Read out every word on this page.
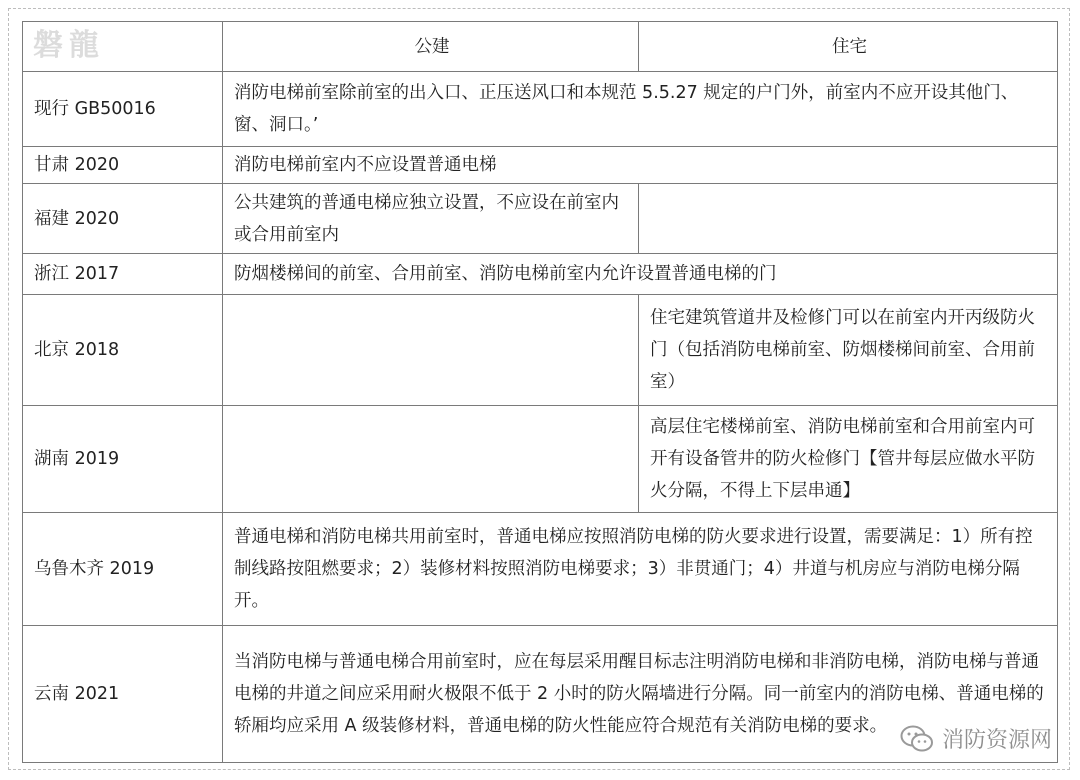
磐龍	公建	住宅
现行 GB50016	消防电梯前室除前室的出入口、正压送风口和本规范 5.5.27 规定的户门外，前室内不应开设其他门、窗、洞口。’	
甘肃 2020	消防电梯前室内不应设置普通电梯	
福建 2020	公共建筑的普通电梯应独立设置，不应设在前室内或合用前室内	
浙江 2017	防烟楼梯间的前室、合用前室、消防电梯前室内允许设置普通电梯的门	
北京 2018		住宅建筑管道井及检修门可以在前室内开丙级防火门（包括消防电梯前室、防烟楼梯间前室、合用前室）
湖南 2019		高层住宅楼梯前室、消防电梯前室和合用前室内可开有设备管井的防火检修门【管井每层应做水平防火分隔，不得上下层串通】
乌鲁木齐 2019	普通电梯和消防电梯共用前室时，普通电梯应按照消防电梯的防火要求进行设置，需要满足：1）所有控制线路按阻燃要求；2）装修材料按照消防电梯要求；3）非贯通门；4）井道与机房应与消防电梯分隔开。	
云南 2021	当消防电梯与普通电梯合用前室时，应在每层采用醒目标志注明消防电梯和非消防电梯，消防电梯与普通电梯的井道之间应采用耐火极限不低于 2 小时的防火隔墙进行分隔。同一前室内的消防电梯、普通电梯的轿厢均应采用 A 级装修材料，普通电梯的防火性能应符合规范有关消防电梯的要求。	
消防资源网
